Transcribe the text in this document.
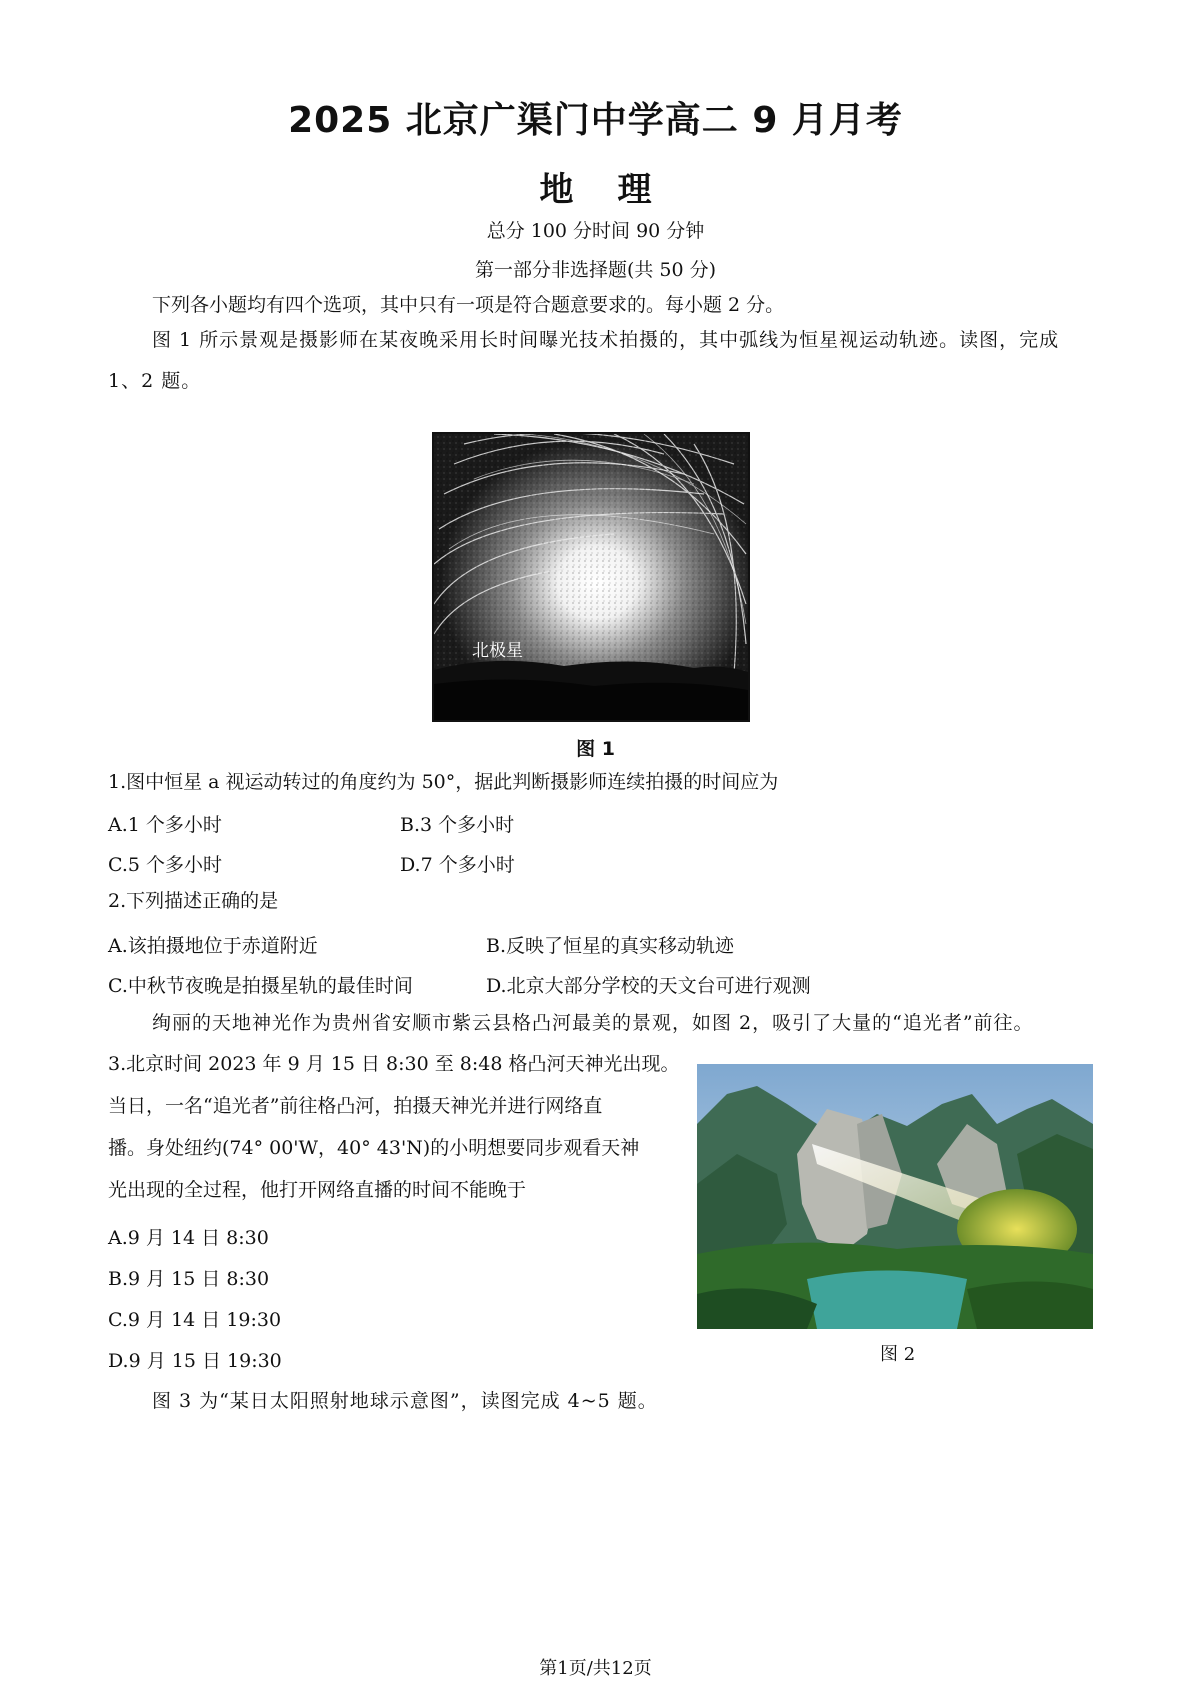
2025 北京广渠门中学高二 9 月月考
地理
总分 100 分时间 90 分钟
第一部分非选择题(共 50 分)
下列各小题均有四个选项，其中只有一项是符合题意要求的。每小题 2 分。
图 1 所示景观是摄影师在某夜晚采用长时间曝光技术拍摄的，其中弧线为恒星视运动轨迹。读图，完成 1、2 题。
北极星
图 1
1.图中恒星 a 视运动转过的角度约为 50°，据此判断摄影师连续拍摄的时间应为
A.1 个多小时	B.3 个多小时
C.5 个多小时	D.7 个多小时
2.下列描述正确的是
A.该拍摄地位于赤道附近	B.反映了恒星的真实移动轨迹
C.中秋节夜晚是拍摄星轨的最佳时间	D.北京大部分学校的天文台可进行观测
绚丽的天地神光作为贵州省安顺市紫云县格凸河最美的景观，如图 2，吸引了大量的“追光者”前往。
3.北京时间 2023 年 9 月 15 日 8:30 至 8:48 格凸河天神光出现。
当日，一名“追光者”前往格凸河，拍摄天神光并进行网络直
播。身处纽约(74° 00'W，40° 43'N)的小明想要同步观看天神
光出现的全过程，他打开网络直播的时间不能晚于
A.9 月 14 日 8:30
B.9 月 15 日 8:30
C.9 月 14 日 19:30
D.9 月 15 日 19:30	图 2
图 3 为“某日太阳照射地球示意图”，读图完成 4~5 题。
第1页/共12页
